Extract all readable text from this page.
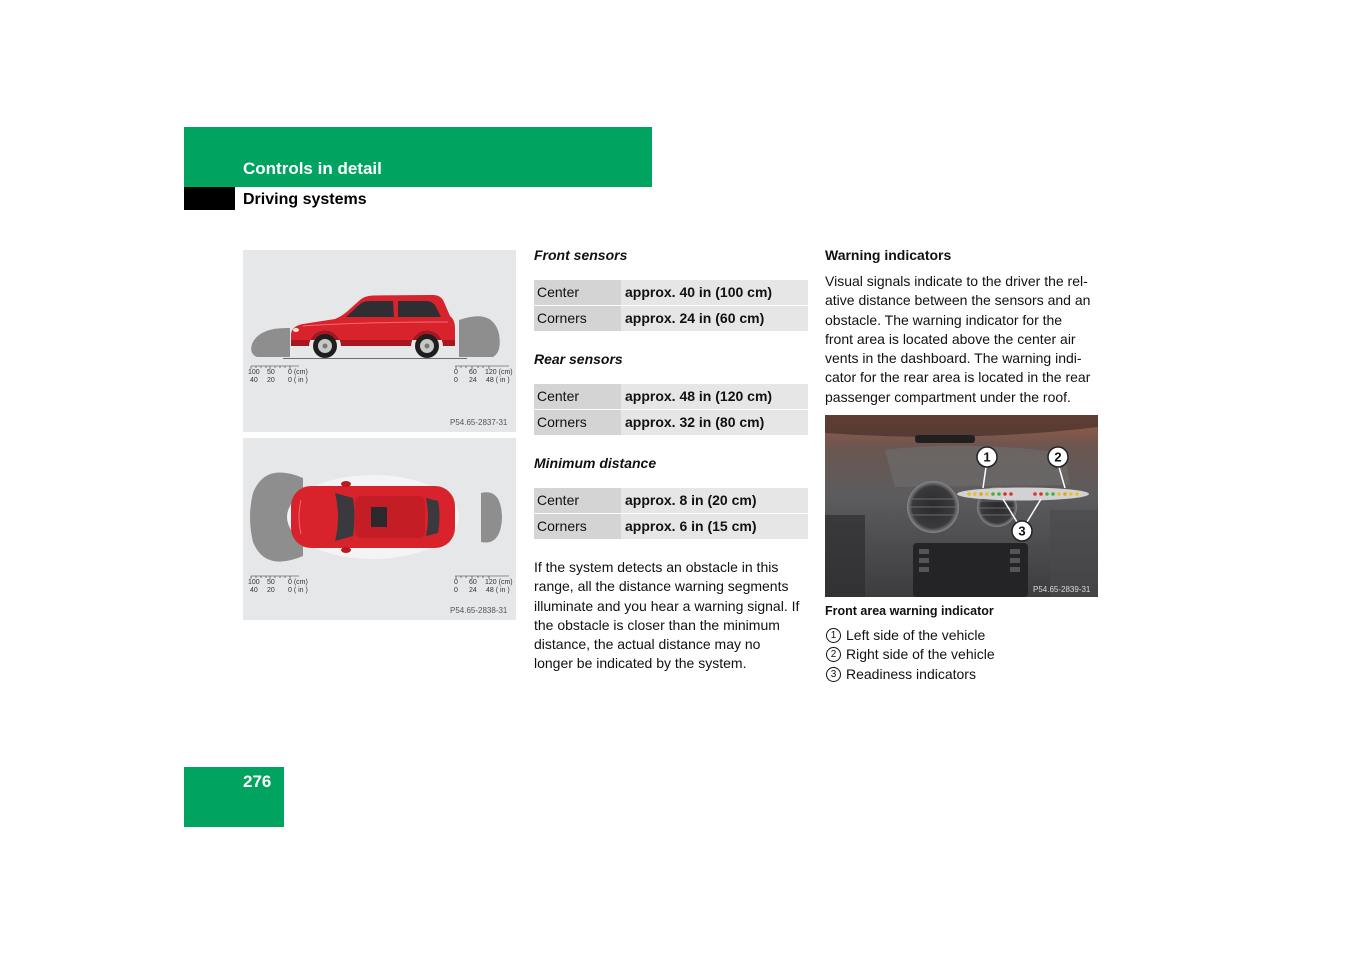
Controls in detail
Driving systems
100 50 0 (cm)
40 20 0 ( in )
0 60 120 (cm)
0 24 48 ( in )
P54.65-2837-31
100 50 0 (cm)
40 20 0 ( in )
0 60 120 (cm)
0 24 48 ( in )
P54.65-2838-31
Front sensors
Center	approx. 40 in (100 cm)
Corners	approx. 24 in (60 cm)
Rear sensors
Center	approx. 48 in (120 cm)
Corners	approx. 32 in (80 cm)
Minimum distance
Center	approx. 8 in (20 cm)
Corners	approx. 6 in (15 cm)
If the system detects an obstacle in this
range, all the distance warning segments
illuminate and you hear a warning signal. If
the obstacle is closer than the minimum
distance, the actual distance may no
longer be indicated by the system.
Warning indicators
Visual signals indicate to the driver the rel-
ative distance between the sensors and an
obstacle. The warning indicator for the
front area is located above the center air
vents in the dashboard. The warning indi-
cator for the rear area is located in the rear
passenger compartment under the roof.
1	2
3
P54.65-2839-31
Front area warning indicator
1 Left side of the vehicle
2 Right side of the vehicle
3 Readiness indicators
276
